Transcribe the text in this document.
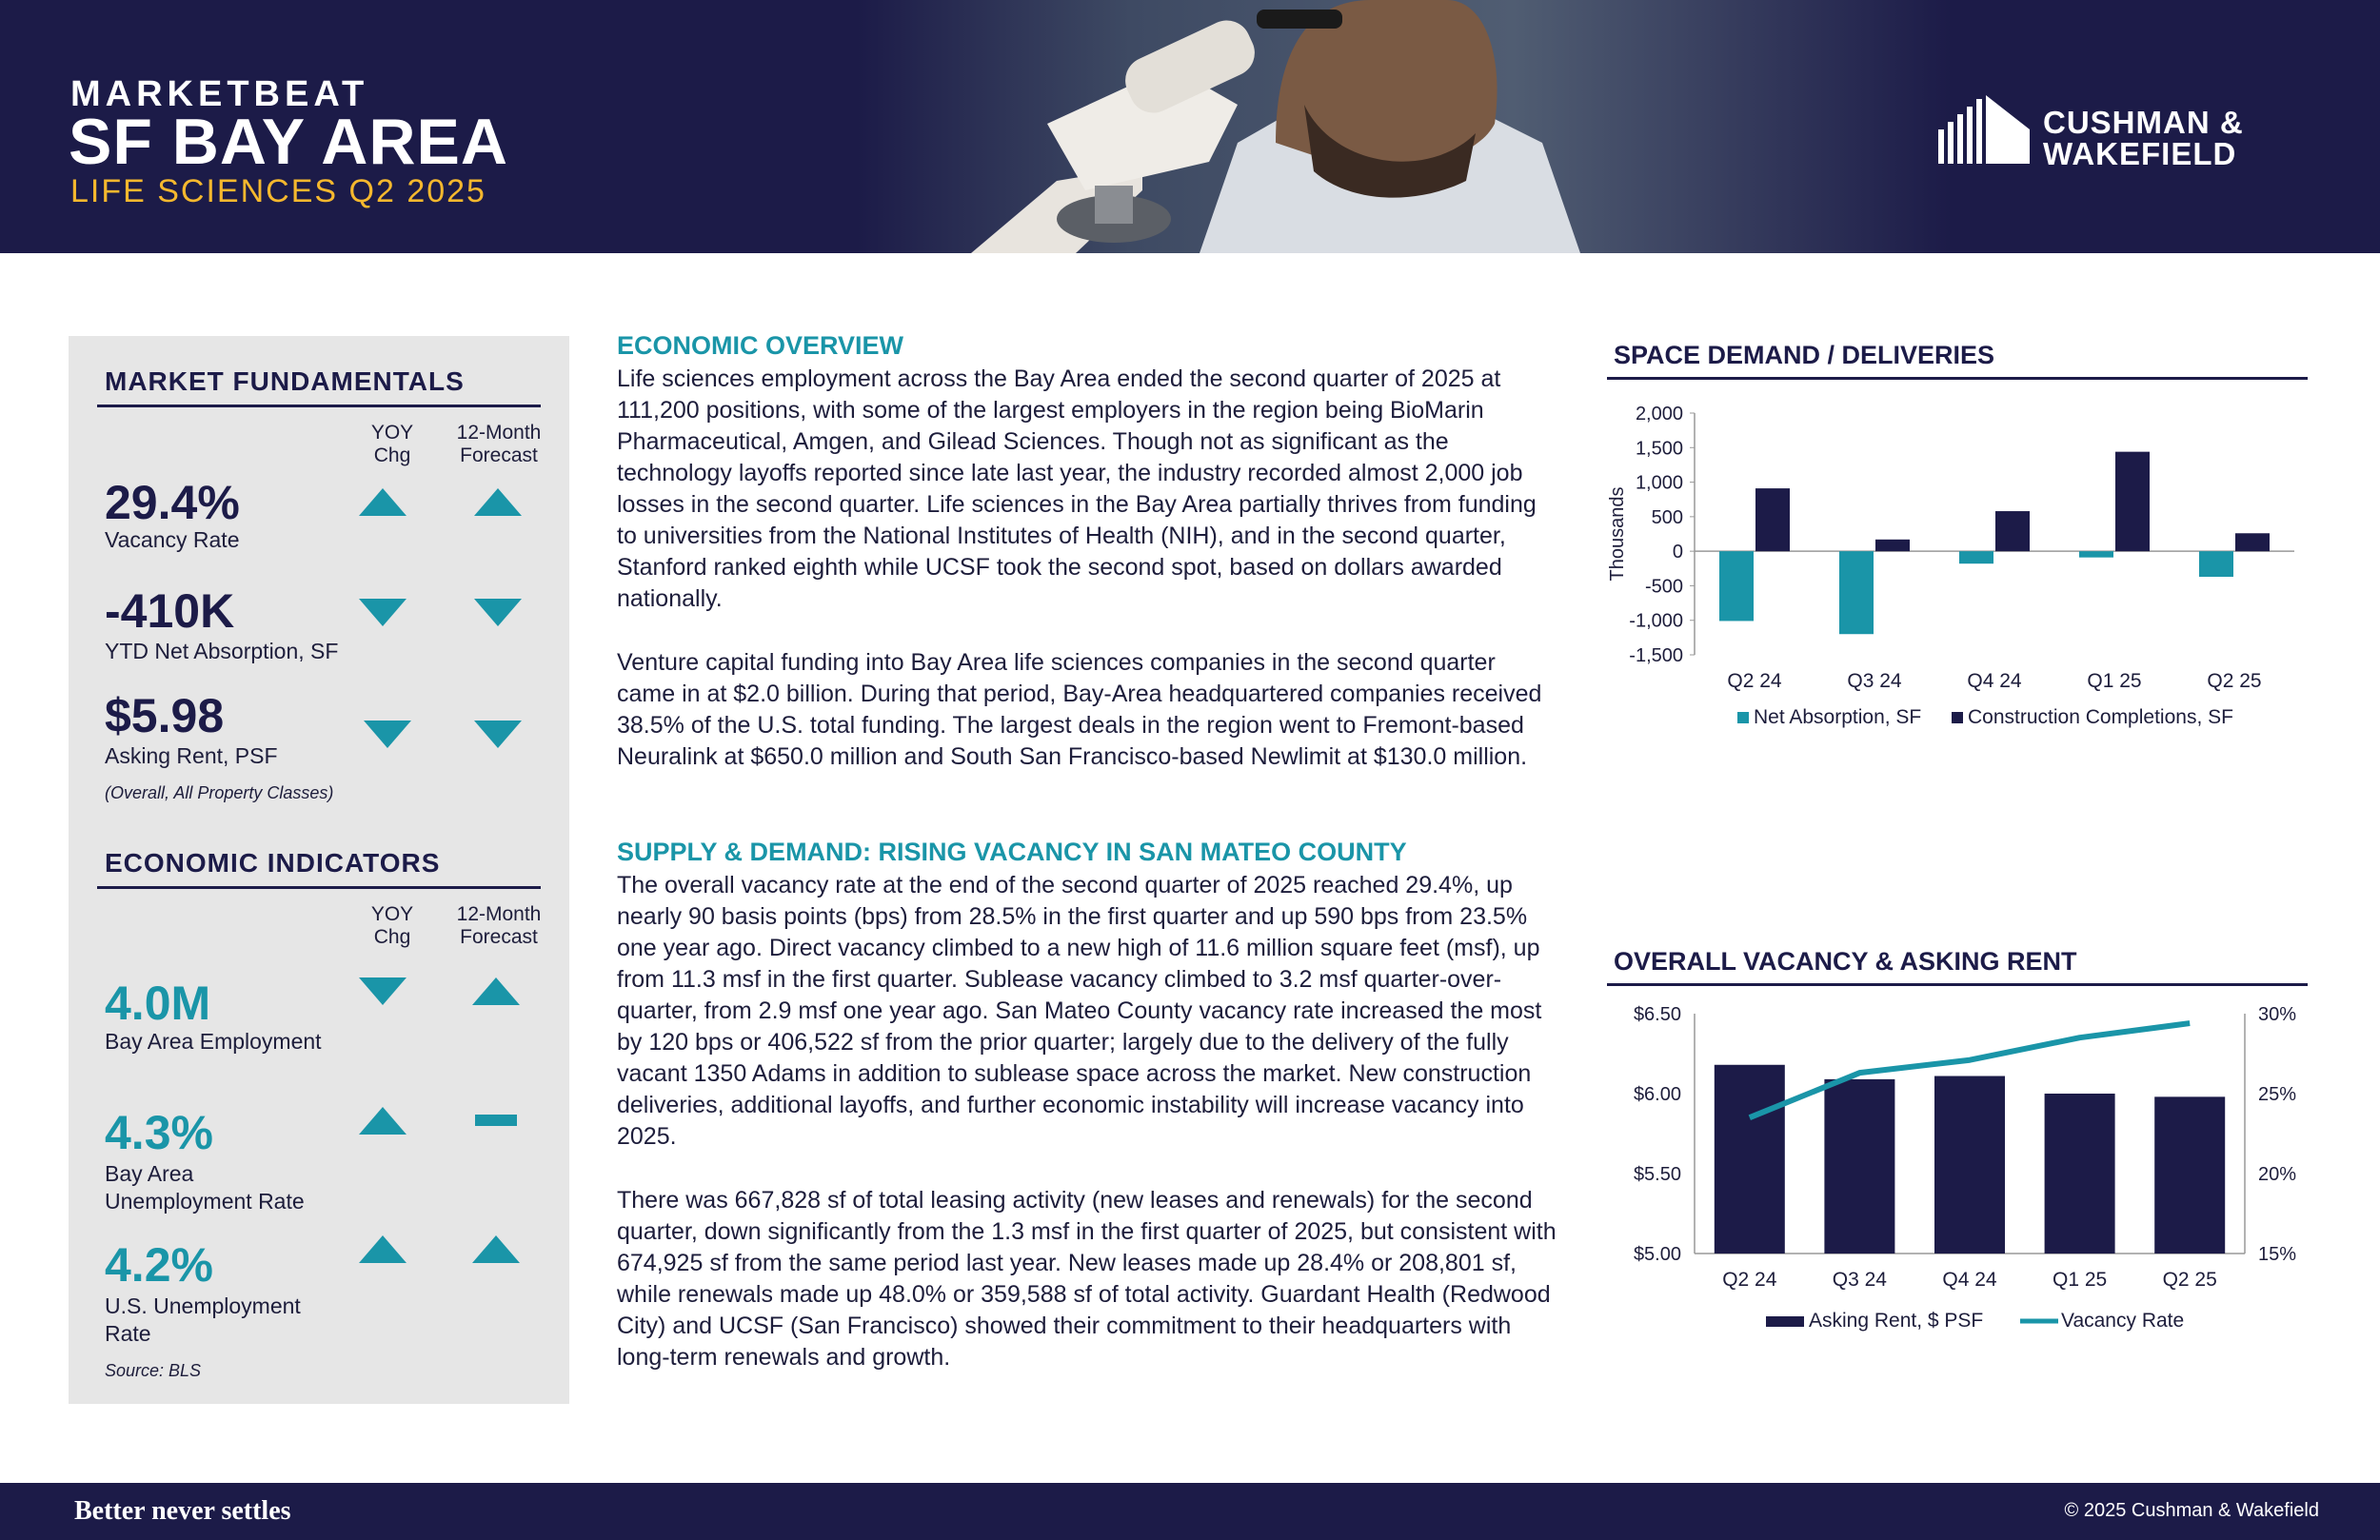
MARKETBEAT
SF BAY AREA
LIFE SCIENCES Q2 2025
CUSHMAN &
WAKEFIELD
MARKET FUNDAMENTALS
YOY
Chg
12-Month
Forecast
29.4%
Vacancy Rate
-410K
YTD Net Absorption, SF
$5.98
Asking Rent, PSF
(Overall, All Property Classes)
ECONOMIC INDICATORS
YOY
Chg
12-Month
Forecast
4.0M
Bay Area Employment
4.3%
Bay Area
Unemployment Rate
4.2%
U.S. Unemployment
Rate
Source: BLS
ECONOMIC OVERVIEW
Life sciences employment across the Bay Area ended the second quarter of 2025 at 111,200 positions, with some of the largest employers in the region being BioMarin Pharmaceutical, Amgen, and Gilead Sciences. Though not as significant as the technology layoffs reported since late last year, the industry recorded almost 2,000 job losses in the second quarter. Life sciences in the Bay Area partially thrives from funding to universities from the National Institutes of Health (NIH), and in the second quarter, Stanford ranked eighth while UCSF took the second spot, based on dollars awarded nationally.
Venture capital funding into Bay Area life sciences companies in the second quarter came in at $2.0 billion. During that period, Bay-Area headquartered companies received 38.5% of the U.S. total funding. The largest deals in the region went to Fremont-based Neuralink at $650.0 million and South San Francisco-based Newlimit at $130.0 million.
SUPPLY & DEMAND: RISING VACANCY IN SAN MATEO COUNTY
The overall vacancy rate at the end of the second quarter of 2025 reached 29.4%, up nearly 90 basis points (bps) from 28.5% in the first quarter and up 590 bps from 23.5% one year ago. Direct vacancy climbed to a new high of 11.6 million square feet (msf), up from 11.3 msf in the first quarter. Sublease vacancy climbed to 3.2 msf quarter-over-quarter, from 2.9 msf one year ago. San Mateo County vacancy rate increased the most by 120 bps or 406,522 sf from the prior quarter; largely due to the delivery of the fully vacant 1350 Adams in addition to sublease space across the market. New construction deliveries, additional layoffs, and further economic instability will increase vacancy into 2025.
There was 667,828 sf of total leasing activity (new leases and renewals) for the second quarter, down significantly from the 1.3 msf in the first quarter of 2025, but consistent with 674,925 sf from the same period last year. New leases made up 28.4% or 208,801 sf, while renewals made up 48.0% or 359,588 sf of total activity. Guardant Health (Redwood City) and UCSF (San Francisco) showed their commitment to their headquarters with long-term renewals and growth.
SPACE DEMAND / DELIVERIES
2,000
1,500
1,000
500
0
-500
-1,000
-1,500
Thousands
Q2 24	Q3 24	Q4 24	Q1 25	Q2 25
Net Absorption, SF Construction Completions, SF
OVERALL VACANCY & ASKING RENT
$6.50
$6.00
$5.50
$5.00
30%
25%
20%
15%
Q2 24	Q3 24	Q4 24	Q1 25	Q2 25
Asking Rent, $ PSF	Vacancy Rate
Better never settles	© 2025 Cushman & Wakefield
